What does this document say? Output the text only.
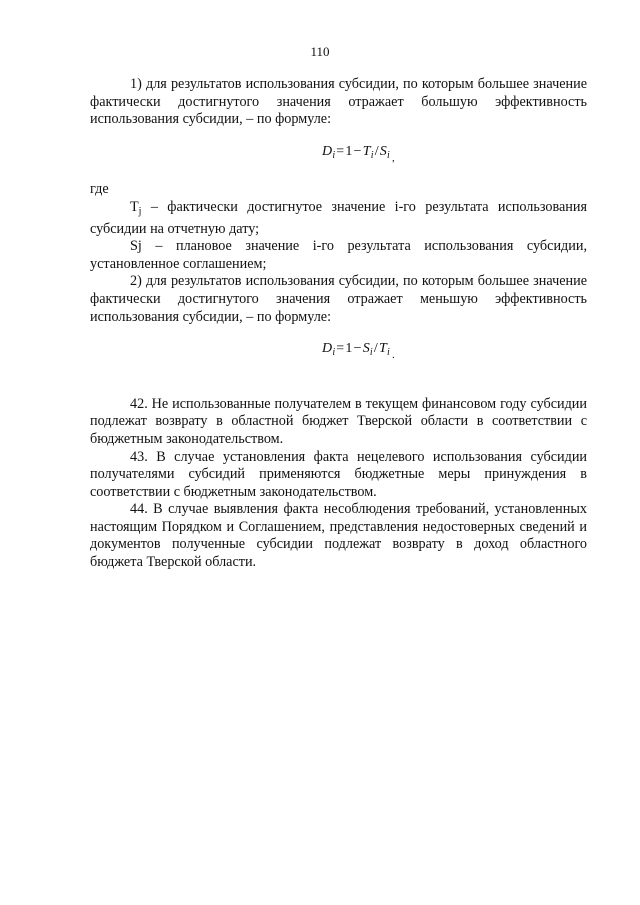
110

1) для результатов использования субсидии, по которым большее значение фактически достигнутого значения отражает большую эффективность использования субсидии, – по формуле:

$D_i=1-T_i/S_i$ $_,$

где

$T_j$ – фактически достигнутое значение i-го результата использования субсидии на отчетную дату;

Sj – плановое значение i-го результата использования субсидии, установленное соглашением;

2) для результатов использования субсидии, по которым большее значение фактически достигнутого значения отражает меньшую эффективность использования субсидии, – по формуле:

$D_i=1-S_i/T_i$ $_.$

42. Не использованные получателем в текущем финансовом году субсидии подлежат возврату в областной бюджет Тверской области в соответствии с бюджетным законодательством.

43. В случае установления факта нецелевого использования субсидии получателями субсидий применяются бюджетные меры принуждения в соответствии с бюджетным законодательством.

44. В случае выявления факта несоблюдения требований, установленных настоящим Порядком и Соглашением, представления недостоверных сведений и документов полученные субсидии подлежат возврату в доход областного бюджета Тверской области.
